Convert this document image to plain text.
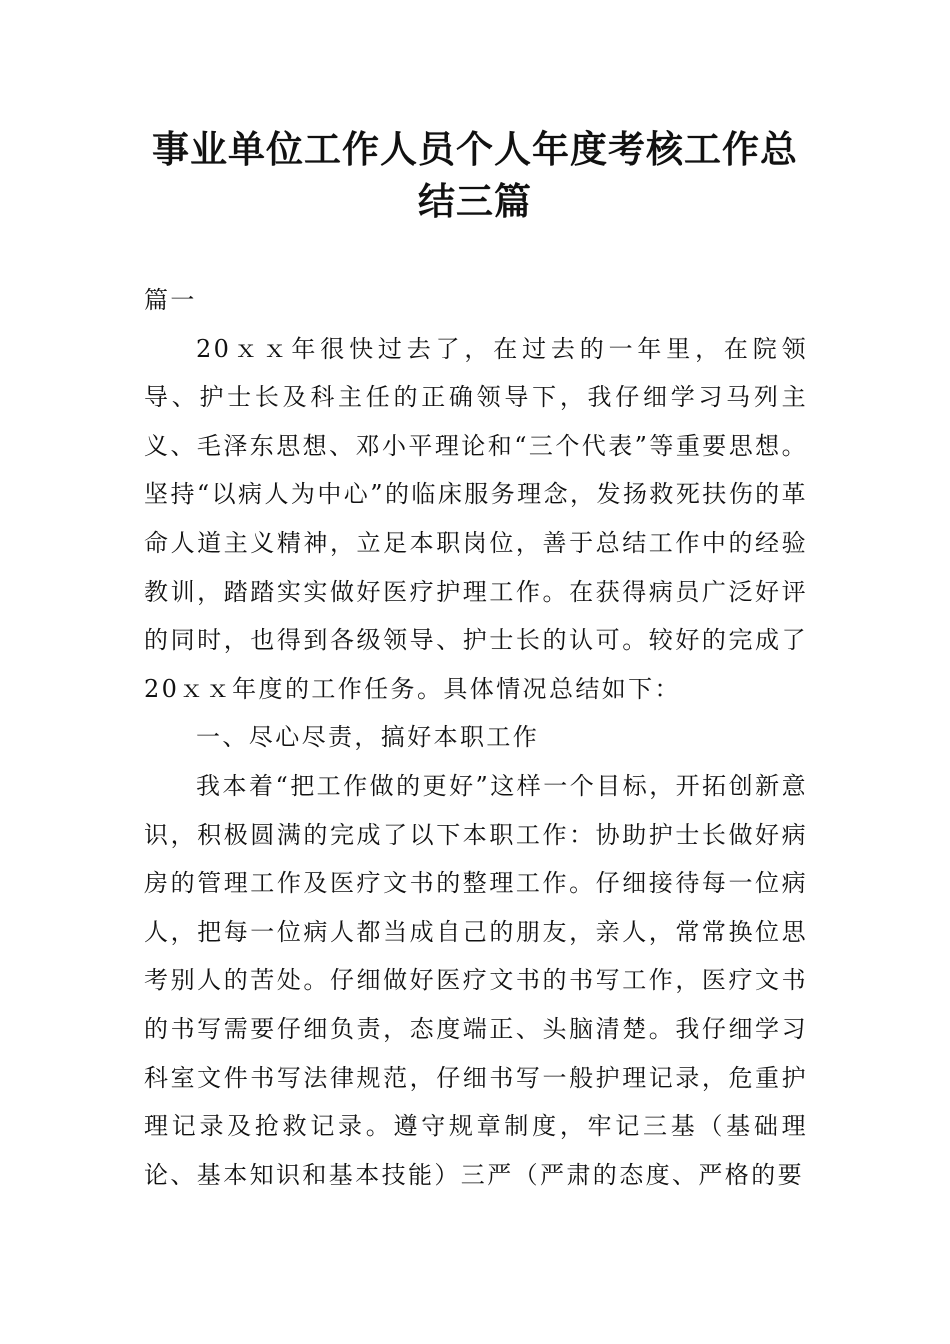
事业单位工作人员个人年度考核工作总
结三篇

篇一

20ｘｘ年很快过去了，在过去的一年里，在院领导、护士长及科主任的正确领导下，我仔细学习马列主义、毛泽东思想、邓小平理论和“三个代表”等重要思想。坚持“以病人为中心”的临床服务理念，发扬救死扶伤的革命人道主义精神，立足本职岗位，善于总结工作中的经验教训，踏踏实实做好医疗护理工作。在获得病员广泛好评的同时，也得到各级领导、护士长的认可。较好的完成了20ｘｘ年度的工作任务。具体情况总结如下：

一、尽心尽责，搞好本职工作

我本着“把工作做的更好”这样一个目标，开拓创新意识，积极圆满的完成了以下本职工作：协助护士长做好病房的管理工作及医疗文书的整理工作。仔细接待每一位病人，把每一位病人都当成自己的朋友，亲人，常常换位思考别人的苦处。仔细做好医疗文书的书写工作，医疗文书的书写需要仔细负责，态度端正、头脑清楚。我仔细学习科室文件书写法律规范，仔细书写一般护理记录，危重护理记录及抢救记录。遵守规章制度，牢记三基（基础理论、基本知识和基本技能）三严（严肃的态度、严格的要
